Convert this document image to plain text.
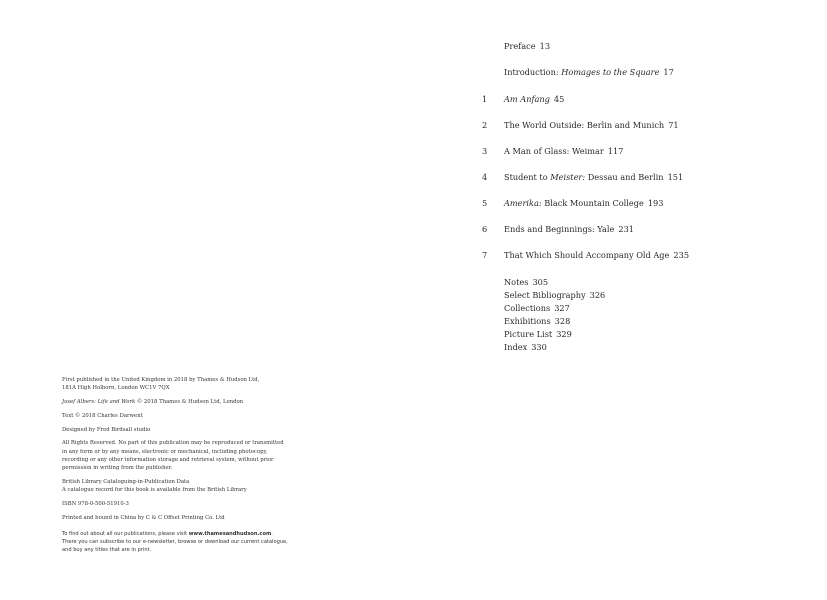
First published in the United Kingdom in 2018 by Thames & Hudson Ltd,
181A High Holborn, London WC1V 7QX
Josef Albers: Life and Work © 2018 Thames & Hudson Ltd, London
Text © 2018 Charles Darwent
Designed by Fred Birdsall studio
All Rights Reserved. No part of this publication may be reproduced or transmitted
in any form or by any means, electronic or mechanical, including photocopy,
recording or any other information storage and retrieval system, without prior
permission in writing from the publisher.
British Library Cataloguing-in-Publication Data
A catalogue record for this book is available from the British Library
ISBN 978-0-500-51910-3
Printed and bound in China by C & C Offset Printing Co. Ltd
To find out about all our publications, please visit www.thamesandhudson.com.
There you can subscribe to our e-newsletter, browse or download our current catalogue,
and buy any titles that are in print.
Preface 13
Introduction: Homages to the Square 17
1	Am Anfang 45
2	The World Outside: Berlin and Munich 71
3	A Man of Glass: Weimar 117
4	Student to Meister: Dessau and Berlin 151
5	Amerika: Black Mountain College 193
6	Ends and Beginnings: Yale 231
7	That Which Should Accompany Old Age 235
Notes 305
Select Bibliography 326
Collections 327
Exhibitions 328
Picture List 329
Index 330
